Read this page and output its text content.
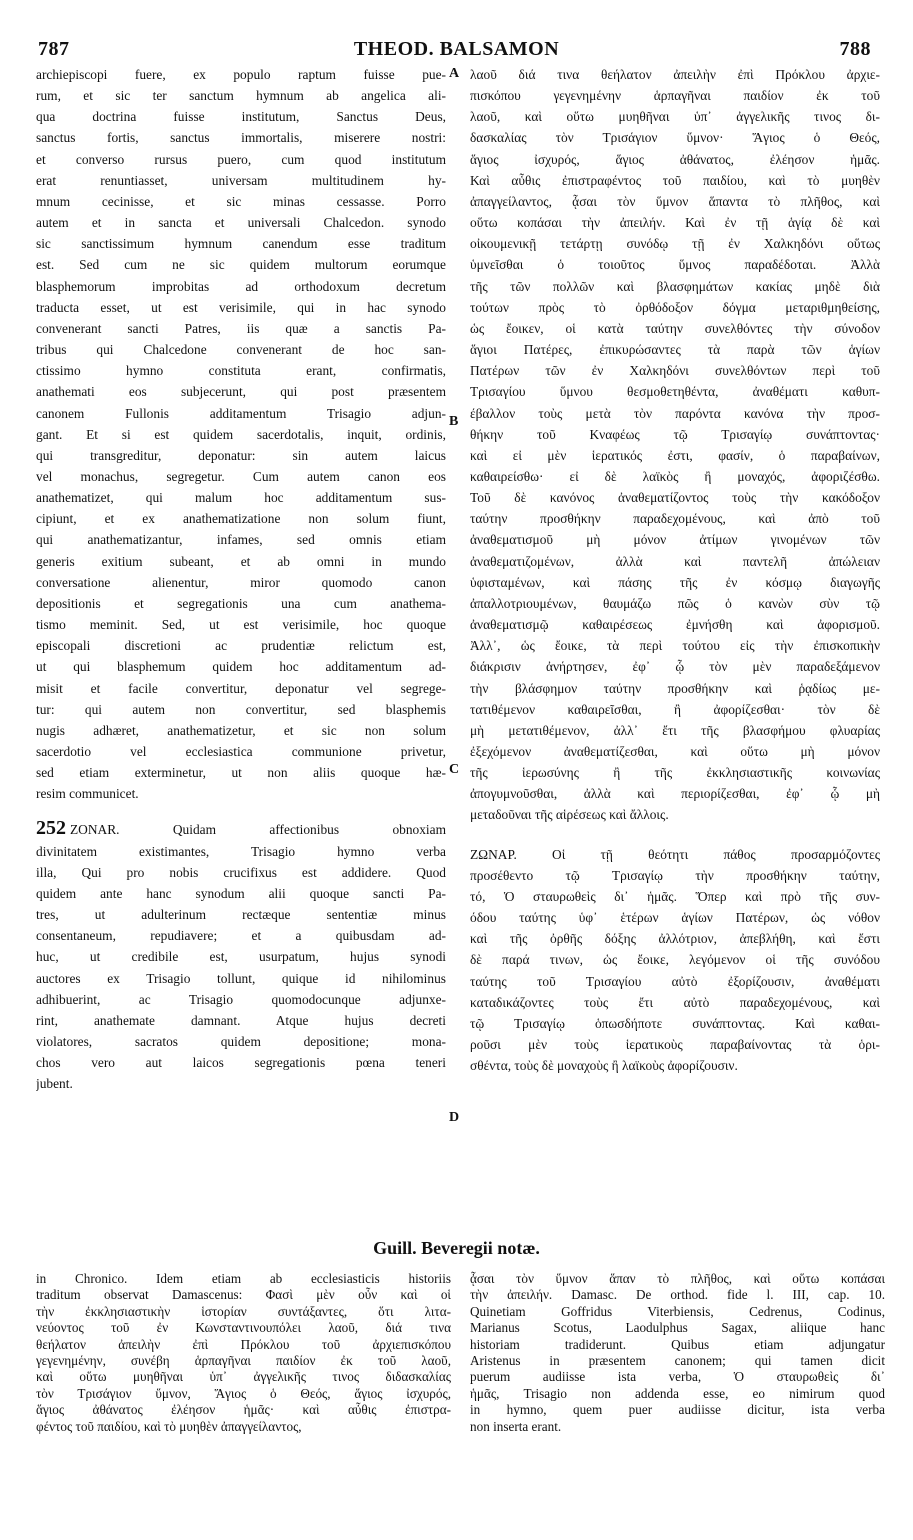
787	THEOD. BALSAMON	788
A
B
C
D
archiepiscopi fuere, ex populo raptum fuisse pue-
rum, et sic ter sanctum hymnum ab angelica ali-
qua doctrina fuisse institutum, Sanctus Deus,
sanctus fortis, sanctus immortalis, miserere nostri:
et converso rursus puero, cum quod institutum
erat renuntiasset, universam multitudinem hy-
mnum cecinisse, et sic minas cessasse. Porro
autem et in sancta et universali Chalcedon. synodo
sic sanctissimum hymnum canendum esse traditum
est. Sed cum ne sic quidem multorum eorumque
blasphemorum improbitas ad orthodoxum decretum
traducta esset, ut est verisimile, qui in hac synodo
convenerant sancti Patres, iis quæ a sanctis Pa-
tribus qui Chalcedone convenerant de hoc san-
ctissimo hymno constituta erant, confirmatis,
anathemati eos subjecerunt, qui post præsentem
canonem Fullonis additamentum Trisagio adjun-
gant. Et si est quidem sacerdotalis, inquit, ordinis,
qui transgreditur, deponatur: sin autem laicus
vel monachus, segregetur. Cum autem canon eos
anathematizet, qui malum hoc additamentum sus-
cipiunt, et ex anathematizatione non solum fiunt,
qui anathematizantur, infames, sed omnis etiam
generis exitium subeant, et ab omni in mundo
conversatione alienentur, miror quomodo canon
depositionis et segregationis una cum anathema-
tismo meminit. Sed, ut est verisimile, hoc quoque
episcopali discretioni ac prudentiæ relictum est,
ut qui blasphemum quidem hoc additamentum ad-
misit et facile convertitur, deponatur vel segrege-
tur: qui autem non convertitur, sed blasphemis
nugis adhæret, anathematizetur, et sic non solum
sacerdotio vel ecclesiastica communione privetur,
sed etiam exterminetur, ut non aliis quoque hæ-
resim communicet.
252 ZONAR. Quidam affectionibus obnoxiam
divinitatem existimantes, Trisagio hymno verba
illa, Qui pro nobis crucifixus est addidere. Quod
quidem ante hanc synodum alii quoque sancti Pa-
tres, ut adulterinum rectæque sententiæ minus
consentaneum, repudiavere; et a quibusdam ad-
huc, ut credibile est, usurpatum, hujus synodi
auctores ex Trisagio tollunt, quique id nihilominus
adhibuerint, ac Trisagio quomodocunque adjunxe-
rint, anathemate damnant. Atque hujus decreti
violatores, sacratos quidem depositione; mona-
chos vero aut laicos segregationis pœna teneri
jubent.
λαοῦ διά τινα θεήλατον ἀπειλὴν ἐπὶ Πρόκλου ἀρχιε-
πισκόπου γεγενημένην ἁρπαγῆναι παιδίον ἐκ τοῦ
λαοῦ, καὶ οὕτω μυηθῆναι ὑπ᾽ ἀγγελικῆς τινος δι-
δασκαλίας τὸν Τρισάγιον ὕμνον· Ἅγιος ὁ Θεός,
ἅγιος ἰσχυρός, ἅγιος ἀθάνατος, ἐλέησον ἡμᾶς.
Καὶ αὖθις ἐπιστραφέντος τοῦ παιδίου, καὶ τὸ μυηθὲν
ἀπαγγείλαντος, ᾆσαι τὸν ὕμνον ἅπαντα τὸ πλῆθος, καὶ
οὕτω κοπάσαι τὴν ἀπειλήν. Καὶ ἐν τῇ ἁγίᾳ δὲ καὶ
οἰκουμενικῇ τετάρτῃ συνόδῳ τῇ ἐν Χαλκηδόνι οὕτως
ὑμνεῖσθαι ὁ τοιοῦτος ὕμνος παραδέδοται. Ἀλλὰ
τῆς τῶν πολλῶν καὶ βλασφημάτων κακίας μηδὲ διὰ
τούτων πρὸς τὸ ὀρθόδοξον δόγμα μεταριθμηθείσης,
ὡς ἔοικεν, οἱ κατὰ ταύτην συνελθόντες τὴν σύνοδον
ἅγιοι Πατέρες, ἐπικυρώσαντες τὰ παρὰ τῶν ἁγίων
Πατέρων τῶν ἐν Χαλκηδόνι συνελθόντων περὶ τοῦ
Τρισαγίου ὕμνου θεσμοθετηθέντα, ἀναθέματι καθυπ-
έβαλλον τοὺς μετὰ τὸν παρόντα κανόνα τὴν προσ-
θήκην τοῦ Κναφέως τῷ Τρισαγίῳ συνάπτοντας·
καὶ εἰ μὲν ἱερατικός ἐστι, φασίν, ὁ παραβαίνων,
καθαιρείσθω· εἰ δὲ λαϊκὸς ἢ μοναχός, ἀφοριζέσθω.
Τοῦ δὲ κανόνος ἀναθεματίζοντος τοὺς τὴν κακόδοξον
ταύτην προσθήκην παραδεχομένους, καὶ ἀπὸ τοῦ
ἀναθεματισμοῦ μὴ μόνον ἀτίμων γινομένων τῶν
ἀναθεματιζομένων, ἀλλὰ καὶ παντελῆ ἀπώλειαν
ὑφισταμένων, καὶ πάσης τῆς ἐν κόσμῳ διαγωγῆς
ἀπαλλοτριουμένων, θαυμάζω πῶς ὁ κανὼν σὺν τῷ
ἀναθεματισμῷ καθαιρέσεως ἐμνήσθη καὶ ἀφορισμοῦ.
Ἀλλ᾽, ὡς ἔοικε, τὰ περὶ τούτου εἰς τὴν ἐπισκοπικὴν
διάκρισιν ἀνήρτησεν, ἐφ᾽ ᾧ τὸν μὲν παραδεξάμενον
τὴν βλάσφημον ταύτην προσθήκην καὶ ῥᾳδίως με-
τατιθέμενον καθαιρεῖσθαι, ἢ ἀφορίζεσθαι· τὸν δὲ
μὴ μετατιθέμενον, ἀλλ᾽ ἔτι τῆς βλασφήμου φλυαρίας
ἐξεχόμενον ἀναθεματίζεσθαι, καὶ οὕτω μὴ μόνον
τῆς ἱερωσύνης ἢ τῆς ἐκκλησιαστικῆς κοινωνίας
ἀπογυμνοῦσθαι, ἀλλὰ καὶ περιορίζεσθαι, ἐφ᾽ ᾧ μὴ
μεταδοῦναι τῆς αἱρέσεως καὶ ἄλλοις.
ΖΩΝΑΡ. Οἱ τῇ θεότητι πάθος προσαρμόζοντες
προσέθεντο τῷ Τρισαγίῳ τὴν προσθήκην ταύτην,
τό, Ὁ σταυρωθεὶς δι᾽ ἡμᾶς. Ὅπερ καὶ πρὸ τῆς συν-
όδου ταύτης ὑφ᾽ ἑτέρων ἁγίων Πατέρων, ὡς νόθον
καὶ τῆς ὀρθῆς δόξης ἀλλότριον, ἀπεβλήθη, καὶ ἔστι
δὲ παρά τινων, ὡς ἔοικε, λεγόμενον οἱ τῆς συνόδου
ταύτης τοῦ Τρισαγίου αὐτὸ ἐξορίζουσιν, ἀναθέματι
καταδικάζοντες τοὺς ἔτι αὐτὸ παραδεχομένους, καὶ
τῷ Τρισαγίῳ ὁπωσδήποτε συνάπτοντας. Καὶ καθαι-
ροῦσι μὲν τοὺς ἱερατικοὺς παραβαίνοντας τὰ ὁρι-
σθέντα, τοὺς δὲ μοναχοὺς ἢ λαϊκοὺς ἀφορίζουσιν.
Guill. Beveregii notæ.
in Chronico. Idem etiam ab ecclesiasticis historiis
traditum observat Damascenus: Φασὶ μὲν οὖν καὶ οἱ
τὴν ἐκκλησιαστικὴν ἱστορίαν συντάξαντες, ὅτι λιτα-
νεύοντος τοῦ ἐν Κωνσταντινουπόλει λαοῦ, διά τινα
θεήλατον ἀπειλὴν ἐπὶ Πρόκλου τοῦ ἀρχιεπισκόπου
γεγενημένην, συνέβη ἁρπαγῆναι παιδίον ἐκ τοῦ λαοῦ,
καὶ οὕτω μυηθῆναι ὑπ᾽ ἀγγελικῆς τινος διδασκαλίας
τὸν Τρισάγιον ὕμνον, Ἅγιος ὁ Θεός, ἅγιος ἰσχυρός,
ἅγιος ἀθάνατος ἐλέησον ἡμᾶς· καὶ αὖθις ἐπιστρα-
φέντος τοῦ παιδίου, καὶ τὸ μυηθὲν ἀπαγγείλαντος,
ᾆσαι τὸν ὕμνον ἅπαν τὸ πλῆθος, καὶ οὕτω κοπάσαι
τὴν ἀπειλήν. Damasc. De orthod. fide l. III, cap. 10.
Quinetiam Goffridus Viterbiensis, Cedrenus, Codinus,
Marianus Scotus, Laodulphus Sagax, aliique hanc
historiam tradiderunt. Quibus etiam adjungatur
Aristenus in præsentem canonem; qui tamen dicit
puerum audiisse ista verba, Ὁ σταυρωθεὶς δι᾽
ἡμᾶς, Trisagio non addenda esse, eo nimirum quod
in hymno, quem puer audiisse dicitur, ista verba
non inserta erant.
